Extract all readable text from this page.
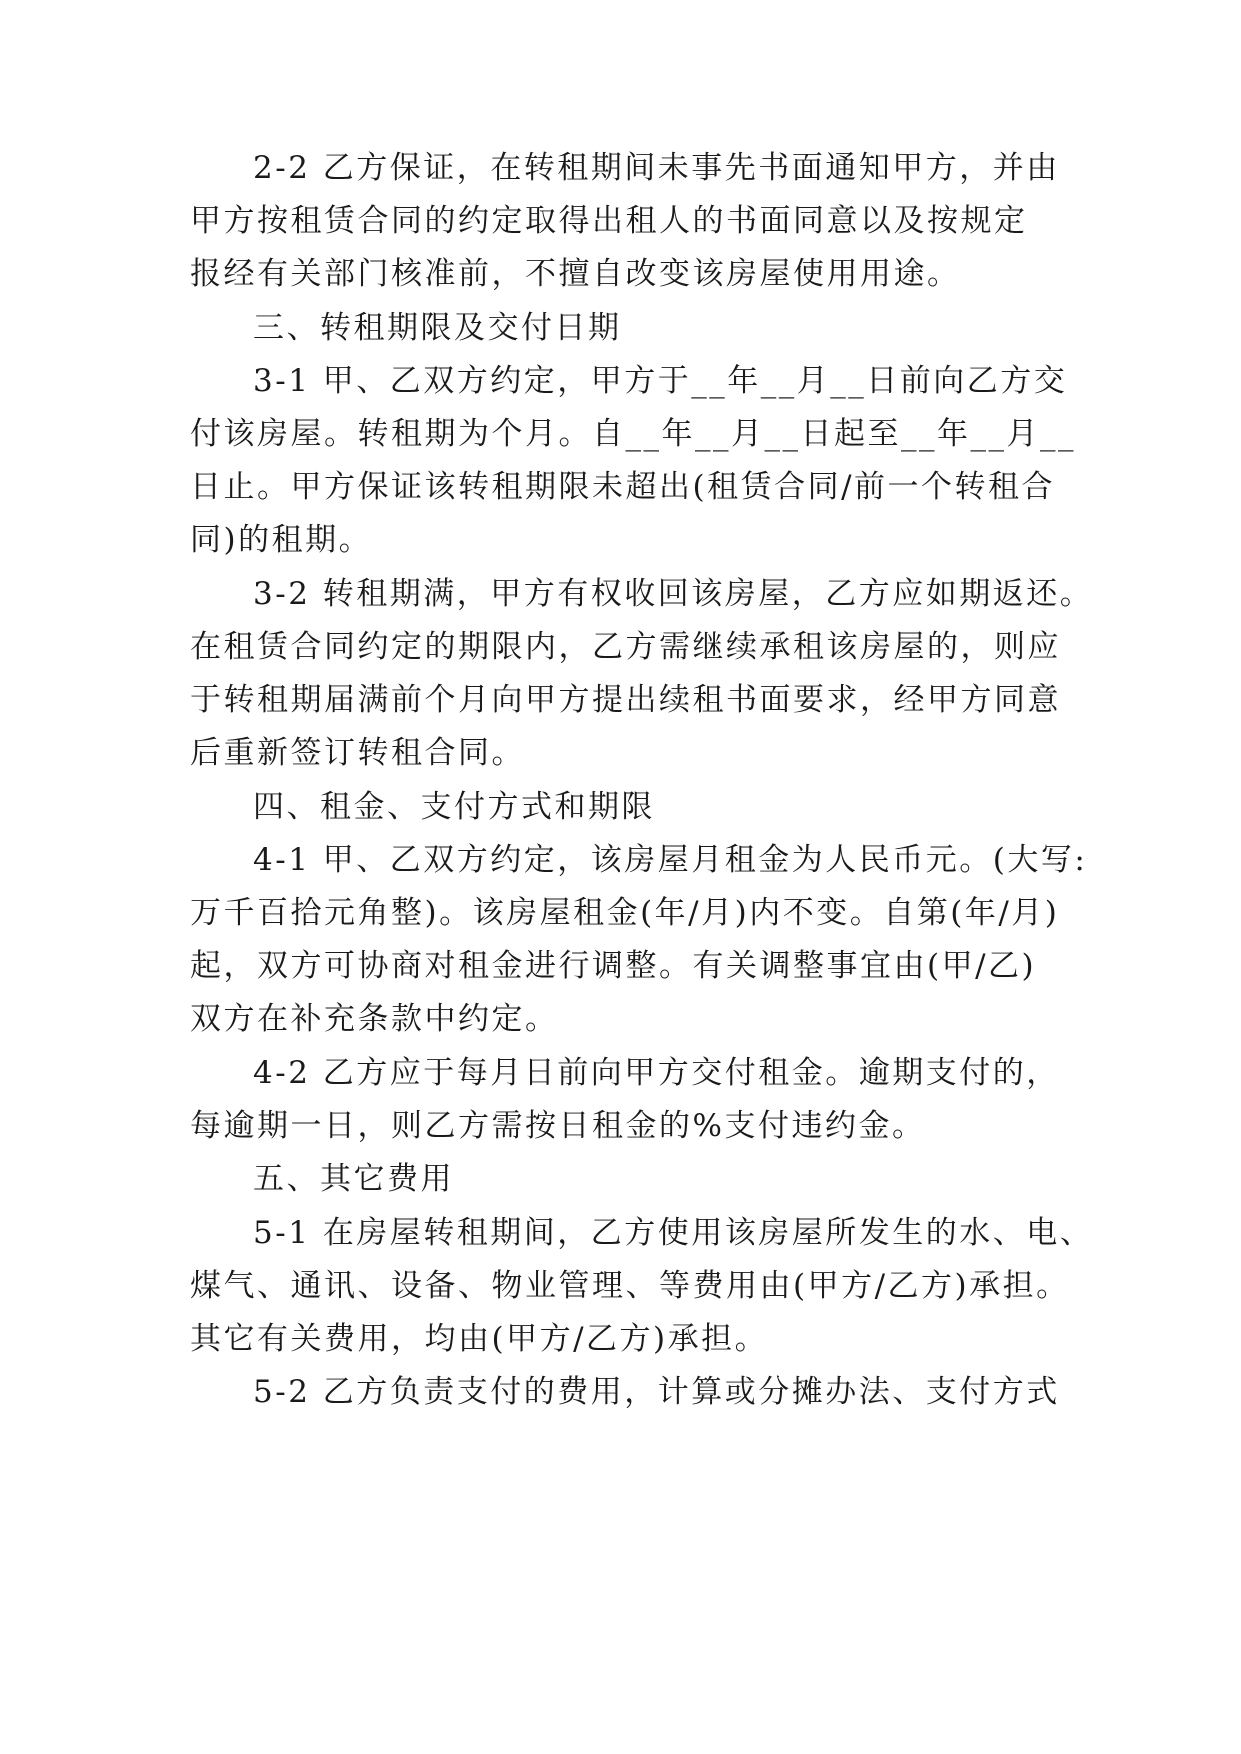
2-2 乙方保证，在转租期间未事先书面通知甲方，并由
甲方按租赁合同的约定取得出租人的书面同意以及按规定
报经有关部门核准前，不擅自改变该房屋使用用途。
三、转租期限及交付日期
3-1 甲、乙双方约定，甲方于__年__月__日前向乙方交
付该房屋。转租期为个月。自__年__月__日起至__年__月__
日止。甲方保证该转租期限未超出(租赁合同/前一个转租合
同)的租期。
3-2 转租期满，甲方有权收回该房屋，乙方应如期返还。
在租赁合同约定的期限内，乙方需继续承租该房屋的，则应
于转租期届满前个月向甲方提出续租书面要求，经甲方同意
后重新签订转租合同。
四、租金、支付方式和期限
4-1 甲、乙双方约定，该房屋月租金为人民币元。(大写:
万千百拾元角整)。该房屋租金(年/月)内不变。自第(年/月)
起，双方可协商对租金进行调整。有关调整事宜由(甲/乙)
双方在补充条款中约定。
4-2 乙方应于每月日前向甲方交付租金。逾期支付的，
每逾期一日，则乙方需按日租金的%支付违约金。
五、其它费用
5-1 在房屋转租期间，乙方使用该房屋所发生的水、电、
煤气、通讯、设备、物业管理、等费用由(甲方/乙方)承担。
其它有关费用，均由(甲方/乙方)承担。
5-2 乙方负责支付的费用，计算或分摊办法、支付方式
